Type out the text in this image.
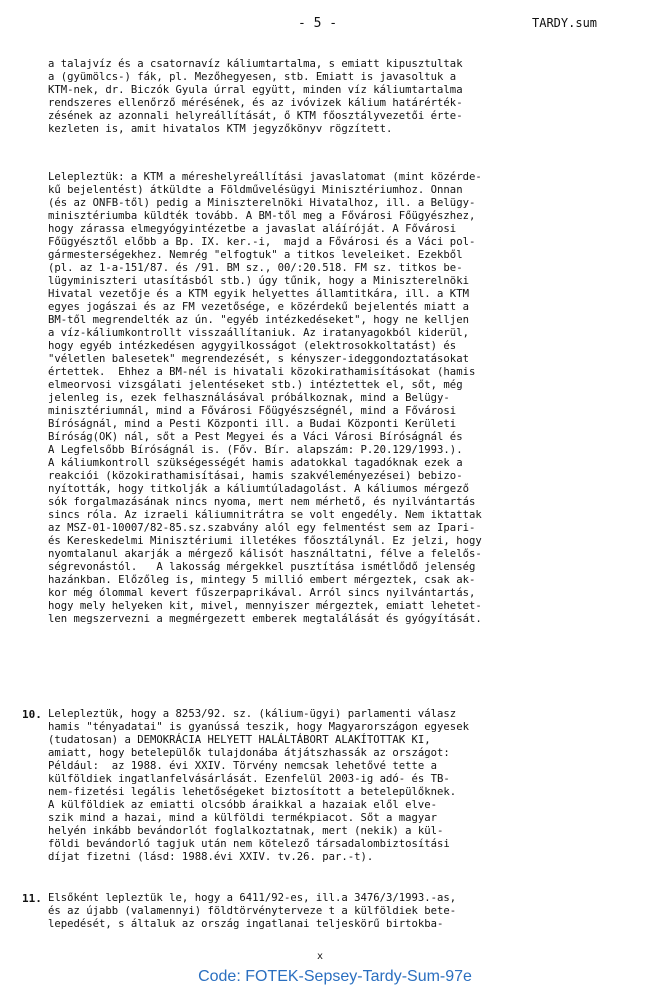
- 5 -	TARDY.sum
a talajvíz és a csatornavíz káliumtartalma, s emiatt kipusztultak
a (gyümölcs-) fák, pl. Mezőhegyesen, stb. Emiatt is javasoltuk a
KTM-nek, dr. Biczók Gyula úrral együtt, minden víz káliumtartalma
rendszeres ellenőrző mérésének, és az ivóvizek kálium határérték-
zésének az azonnali helyreállítását, ő KTM főosztályvezetői érte-
kezleten is, amit hivatalos KTM jegyzőkönyv rögzített.
Lelepleztük: a KTM a méreshelyreállítási javaslatomat (mint közérde-
kű bejelentést) átküldte a Földművelésügyi Minisztériumhoz. Onnan
(és az ONFB-től) pedig a Miniszterelnöki Hivatalhoz, ill. a Belügy-
minisztériumba küldték tovább. A BM-től meg a Fővárosi Főügyészhez,
hogy zárassa elmegyógyintézetbe a javaslat aláíróját. A Fővárosi
Főügyésztől előbb a Bp. IX. ker.-i,  majd a Fővárosi és a Váci pol-
gármesterségekhez. Nemrég "elfogtuk" a titkos leveleiket. Ezekből
(pl. az 1-a-151/87. és /91. BM sz., 00/:20.518. FM sz. titkos be-
lügyminiszteri utasításból stb.) úgy tűnik, hogy a Miniszterelnöki
Hivatal vezetője és a KTM egyik helyettes államtitkára, ill. a KTM
egyes jogászai és az FM vezetősége, e közérdekű bejelentés miatt a
BM-től megrendelték az ún. "egyéb intézkedéseket", hogy ne kelljen
a víz-káliumkontrollt visszaállítaniuk. Az iratanyagokból kiderül,
hogy egyéb intézkedésen agygyilkosságot (elektrosokkoltatást) és
"véletlen balesetek" megrendezését, s kényszer-ideggondoztatásokat
értettek.  Ehhez a BM-nél is hivatali közokirathamisításokat (hamis
elmeorvosi vizsgálati jelentéseket stb.) intéztettek el, sőt, még
jelenleg is, ezek felhasználásával próbálkoznak, mind a Belügy-
minisztériumnál, mind a Fővárosi Főügyészségnél, mind a Fővárosi
Bíróságnál, mind a Pesti Központi ill. a Budai Központi Kerületi
Bíróság(OK) nál, sőt a Pest Megyei és a Váci Városi Bíróságnál és
A Legfelsőbb Bíróságnál is. (Főv. Bír. alapszám: P.20.129/1993.).
A káliumkontroll szükségességét hamis adatokkal tagadóknak ezek a
reakciói (közokirathamisításai, hamis szakvéleményezései) bebizo-
nyították, hogy titkolják a káliumtúladagolást. A káliumos mérgező
sók forgalmazásának nincs nyoma, mert nem mérhető, és nyilvántartás
sincs róla. Az izraeli káliumnitrátra se volt engedély. Nem iktattak
az MSZ-01-10007/82-85.sz.szabvány alól egy felmentést sem az Ipari-
és Kereskedelmi Minisztériumi illetékes főosztálynál. Ez jelzi, hogy
nyomtalanul akarják a mérgező kálisót használtatni, félve a felelős-
ségrevonástól.   A lakosság mérgekkel pusztítása ismétlődő jelenség
hazánkban. Előzőleg is, mintegy 5 millió embert mérgeztek, csak ak-
kor még ólommal kevert fűszerpaprikával. Arról sincs nyilvántartás,
hogy mely helyeken kit, mivel, mennyiszer mérgeztek, emiatt lehetet-
len megszervezni a megmérgezett emberek megtalálását és gyógyítását.
10. Lelepleztük, hogy a 8253/92. sz. (kálium-ügyi) parlamenti válasz
hamis "tényadatai" is gyanússá teszik, hogy Magyarországon egyesek
(tudatosan) a DEMOKRÁCIA HELYETT HALÁLTÁBORT ALAKÍTOTTAK KI,
amiatt, hogy betelepülők tulajdonába átjátszhassák az országot:
Például:  az 1988. évi XXIV. Törvény nemcsak lehetővé tette a
külföldiek ingatlanfelvásárlását. Ezenfelül 2003-ig adó- és TB-
nem-fizetési legális lehetőségeket biztosított a betelepülőknek.
A külföldiek az emiatti olcsóbb áraikkal a hazaiak elől elve-
szik mind a hazai, mind a külföldi termékpiacot. Sőt a magyar
helyén inkább bevándorlót foglalkoztatnak, mert (nekik) a kül-
földi bevándorló tagjuk után nem kötelező társadalombiztosítási
díjat fizetni (lásd: 1988.évi XXIV. tv.26. par.-t).
11. Elsőként lepleztük le, hogy a 6411/92-es, ill.a 3476/3/1993.-as,
és az újabb (valamennyi) földtörvényterveze t a külföldiek bete-
lepedését, s általuk az ország ingatlanai teljeskörű birtokba-
x
Code: FOTEK-Sepsey-Tardy-Sum-97e
